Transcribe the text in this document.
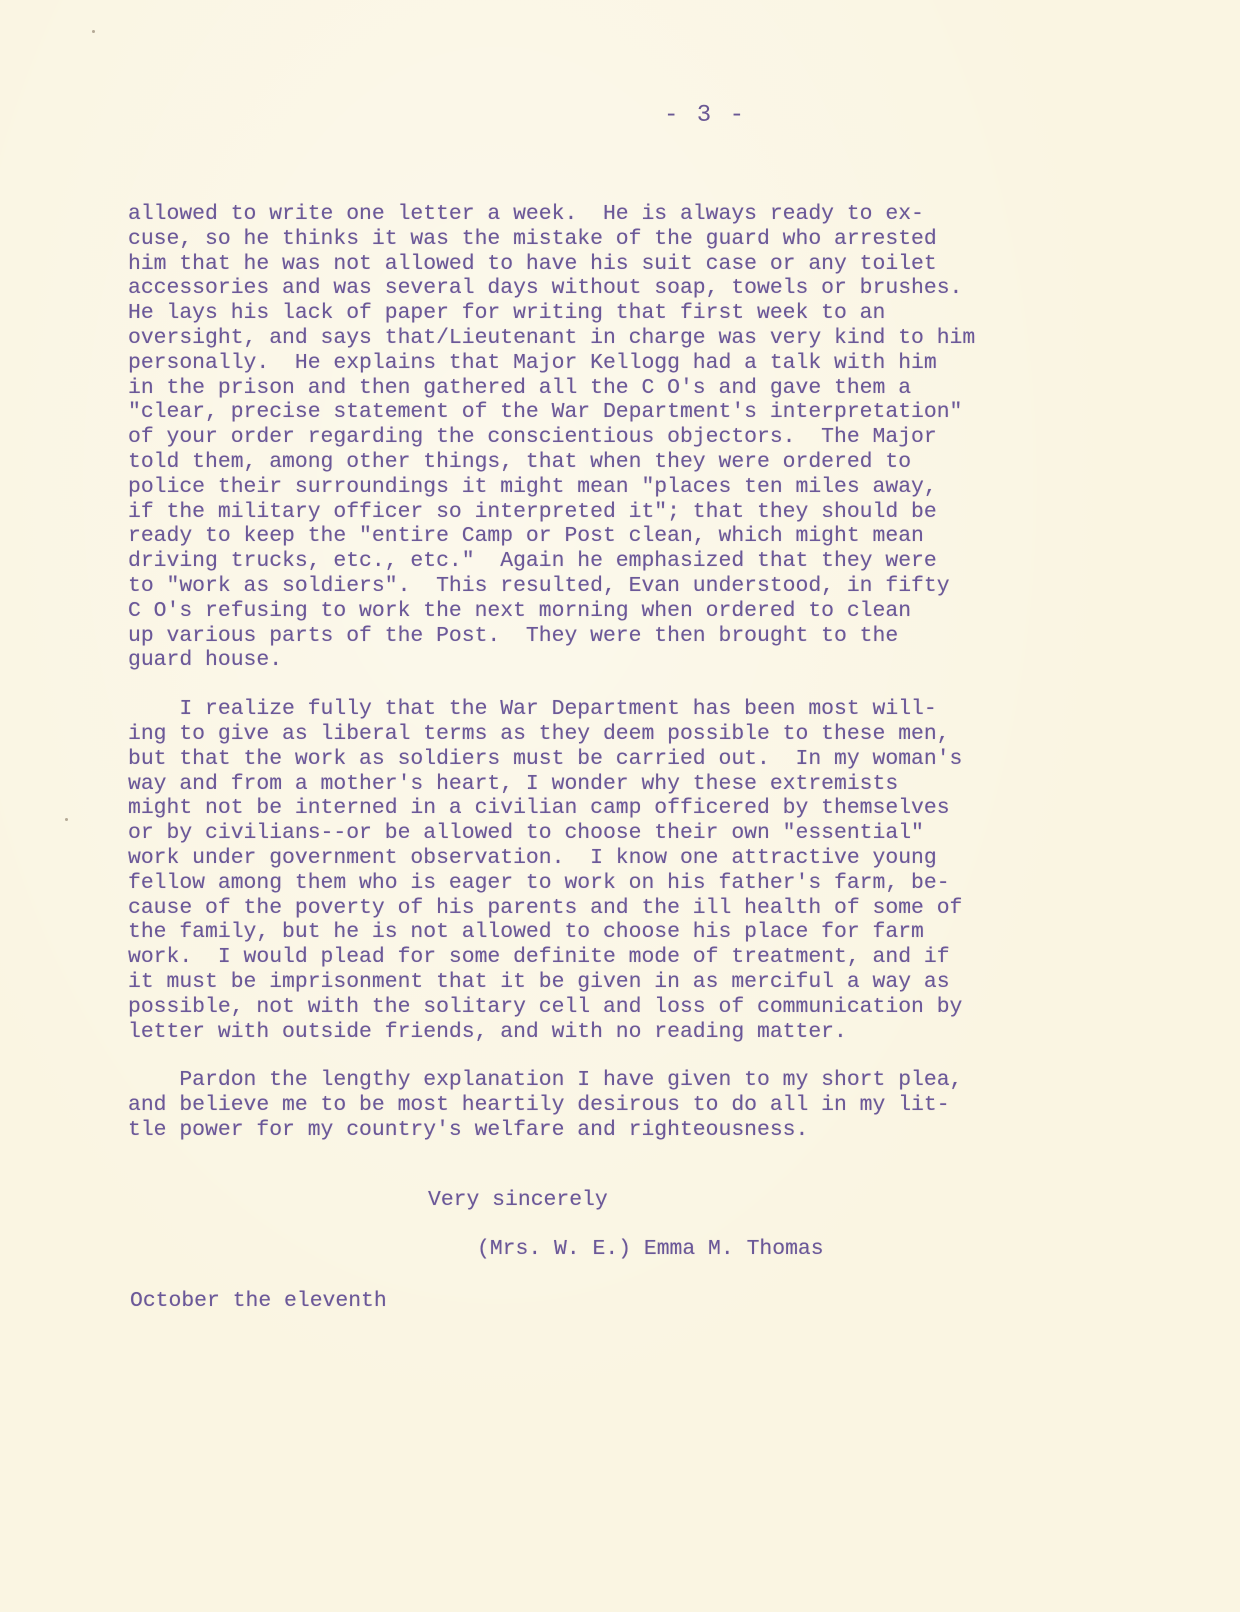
- 3 -
allowed to write one letter a week.  He is always ready to ex-
cuse, so he thinks it was the mistake of the guard who arrested
him that he was not allowed to have his suit case or any toilet
accessories and was several days without soap, towels or brushes.
He lays his lack of paper for writing that first week to an
oversight, and says that/Lieutenant in charge was very kind to him
personally.  He explains that Major Kellogg had a talk with him
in the prison and then gathered all the C O's and gave them a
"clear, precise statement of the War Department's interpretation"
of your order regarding the conscientious objectors.  The Major
told them, among other things, that when they were ordered to
police their surroundings it might mean "places ten miles away,
if the military officer so interpreted it"; that they should be
ready to keep the "entire Camp or Post clean, which might mean
driving trucks, etc., etc."  Again he emphasized that they were
to "work as soldiers".  This resulted, Evan understood, in fifty
C O's refusing to work the next morning when ordered to clean
up various parts of the Post.  They were then brought to the
guard house.
I realize fully that the War Department has been most will-
ing to give as liberal terms as they deem possible to these men,
but that the work as soldiers must be carried out.  In my woman's
way and from a mother's heart, I wonder why these extremists
might not be interned in a civilian camp officered by themselves
or by civilians--or be allowed to choose their own "essential"
work under government observation.  I know one attractive young
fellow among them who is eager to work on his father's farm, be-
cause of the poverty of his parents and the ill health of some of
the family, but he is not allowed to choose his place for farm
work.  I would plead for some definite mode of treatment, and if
it must be imprisonment that it be given in as merciful a way as
possible, not with the solitary cell and loss of communication by
letter with outside friends, and with no reading matter.
Pardon the lengthy explanation I have given to my short plea,
and believe me to be most heartily desirous to do all in my lit-
tle power for my country's welfare and righteousness.
Very sincerely
(Mrs. W. E.) Emma M. Thomas
October the eleventh
